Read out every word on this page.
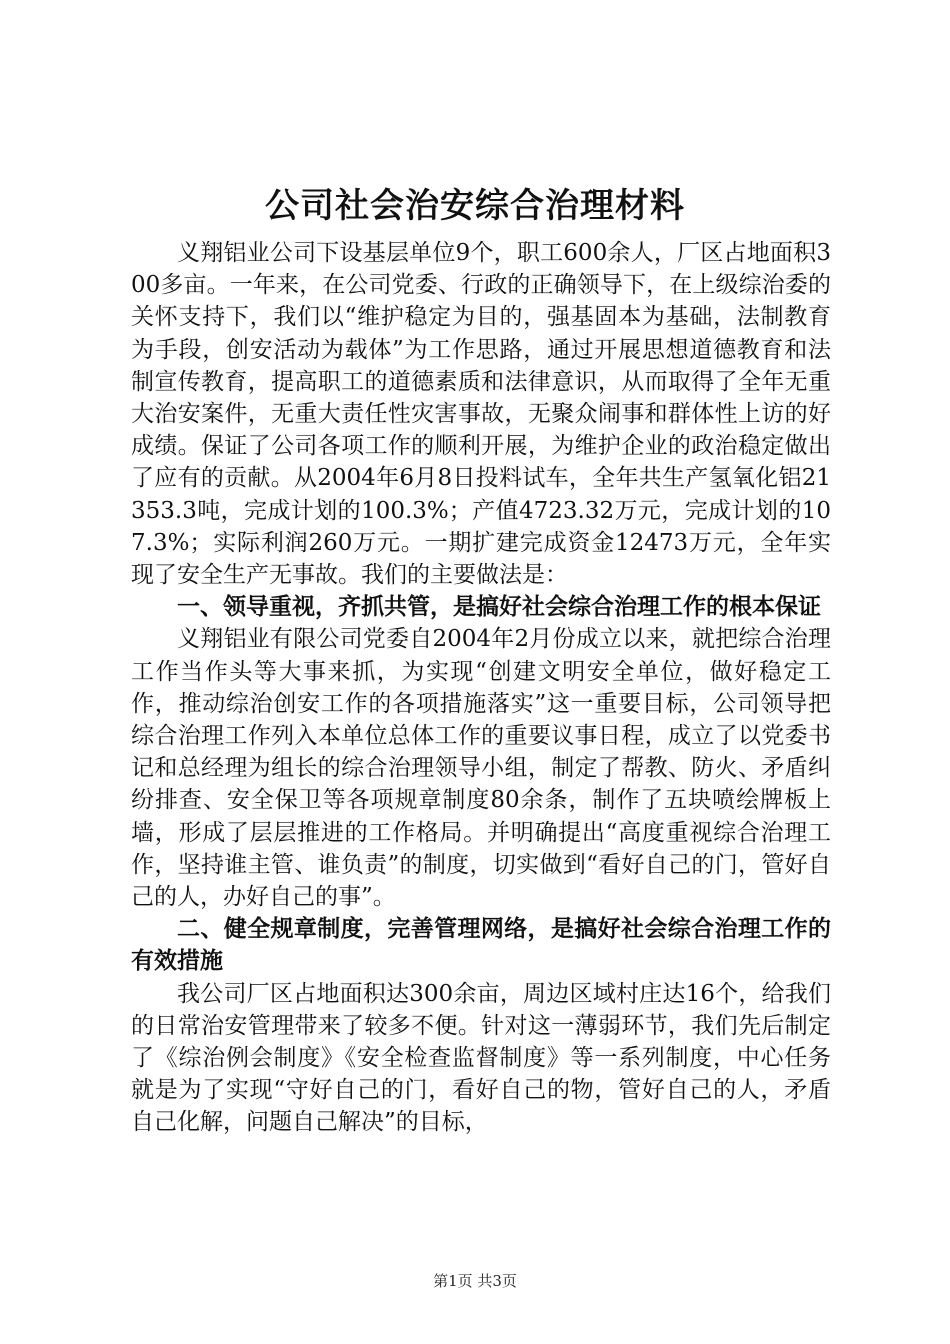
公司社会治安综合治理材料

义翔铝业公司下设基层单位9个，职工600余人，厂区占地面积300多亩。一年来，在公司党委、行政的正确领导下，在上级综治委的关怀支持下，我们以“维护稳定为目的，强基固本为基础，法制教育为手段，创安活动为载体”为工作思路，通过开展思想道德教育和法制宣传教育，提高职工的道德素质和法律意识，从而取得了全年无重大治安案件，无重大责任性灾害事故，无聚众闹事和群体性上访的好成绩。保证了公司各项工作的顺利开展，为维护企业的政治稳定做出了应有的贡献。从2004年6月8日投料试车，全年共生产氢氧化铝21353.3吨，完成计划的100.3%；产值4723.32万元，完成计划的107.3%；实际利润260万元。一期扩建完成资金12473万元，全年实现了安全生产无事故。我们的主要做法是：

一、领导重视，齐抓共管，是搞好社会综合治理工作的根本保证

义翔铝业有限公司党委自2004年2月份成立以来，就把综合治理工作当作头等大事来抓，为实现“创建文明安全单位，做好稳定工作，推动综治创安工作的各项措施落实”这一重要目标，公司领导把综合治理工作列入本单位总体工作的重要议事日程，成立了以党委书记和总经理为组长的综合治理领导小组，制定了帮教、防火、矛盾纠纷排查、安全保卫等各项规章制度80余条，制作了五块喷绘牌板上墙，形成了层层推进的工作格局。并明确提出“高度重视综合治理工作，坚持谁主管、谁负责”的制度，切实做到“看好自己的门，管好自己的人，办好自己的事”。

二、健全规章制度，完善管理网络，是搞好社会综合治理工作的有效措施

我公司厂区占地面积达300余亩，周边区域村庄达16个，给我们的日常治安管理带来了较多不便。针对这一薄弱环节，我们先后制定了《综治例会制度》《安全检查监督制度》等一系列制度，中心任务就是为了实现“守好自己的门，看好自己的物，管好自己的人，矛盾自己化解，问题自己解决”的目标，

第1页 共3页
